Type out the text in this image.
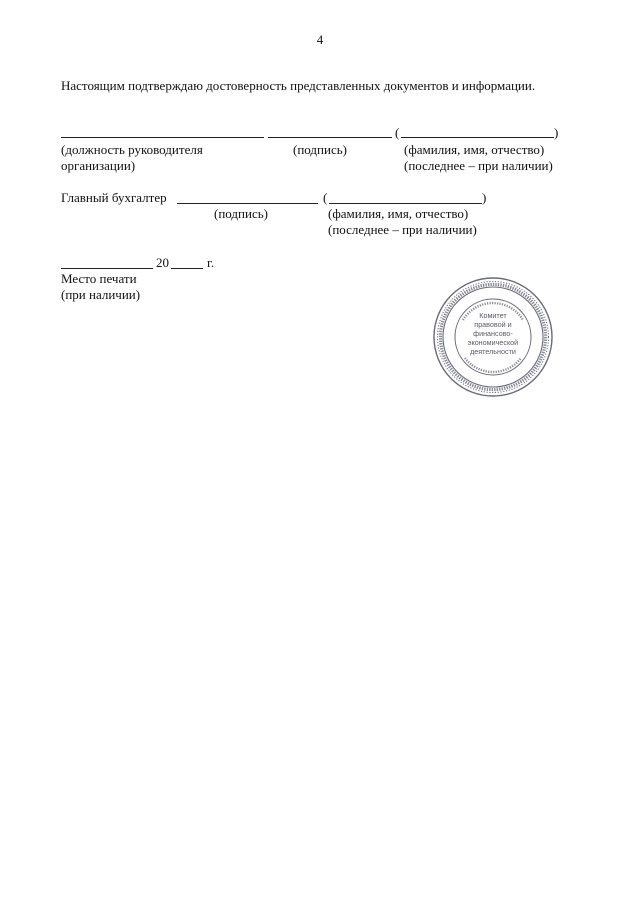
4
Настоящим подтверждаю достоверность представленных документов и информации.
(	)
(должность руководителя
организации)
(подпись)	(фамилия, имя, отчество)
(последнее – при наличии)
Главный бухгалтер	(	)
(подпись)	(фамилия, имя, отчество)
(последнее – при наличии)
20	г.
Место печати
(при наличии)
Комитет
правовой и
финансово-
экономической
деятельности
